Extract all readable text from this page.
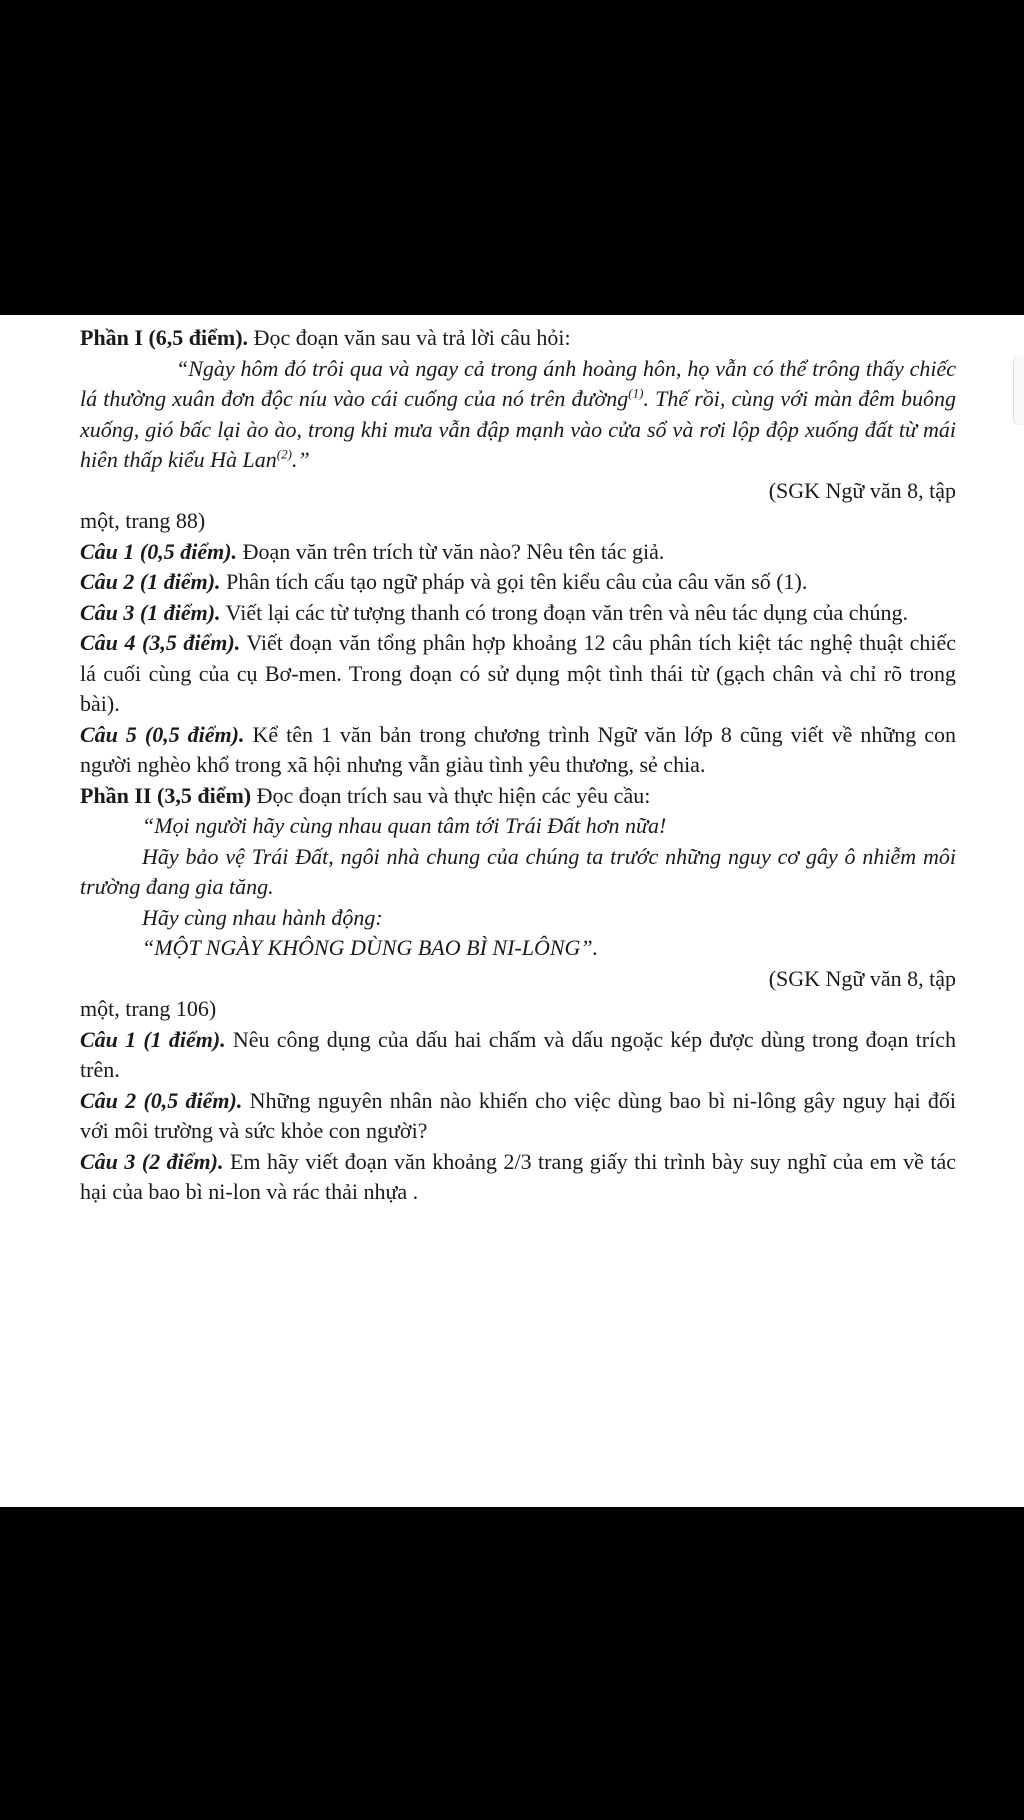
Phần I (6,5 điểm). Đọc đoạn văn sau và trả lời câu hỏi:

“Ngày hôm đó trôi qua và ngay cả trong ánh hoàng hôn, họ vẫn có thể trông thấy chiếc lá thường xuân đơn độc níu vào cái cuống của nó trên đường$^{(1)}$. Thế rồi, cùng với màn đêm buông xuống, gió bấc lại ào ào, trong khi mưa vẫn đập mạnh vào cửa sổ và rơi lộp độp xuống đất từ mái hiên thấp kiểu Hà Lan$^{(2)}$.”

(SGK Ngữ văn 8, tập

một, trang 88)

Câu 1 (0,5 điểm). Đoạn văn trên trích từ văn nào? Nêu tên tác giả.

Câu 2 (1 điểm). Phân tích cấu tạo ngữ pháp và gọi tên kiểu câu của câu văn số (1).

Câu 3 (1 điểm). Viết lại các từ tượng thanh có trong đoạn văn trên và nêu tác dụng của chúng.

Câu 4 (3,5 điểm). Viết đoạn văn tổng phân hợp khoảng 12 câu phân tích kiệt tác nghệ thuật chiếc lá cuối cùng của cụ Bơ-men. Trong đoạn có sử dụng một tình thái từ (gạch chân và chỉ rõ trong bài).

Câu 5 (0,5 điểm). Kể tên 1 văn bản trong chương trình Ngữ văn lớp 8 cũng viết về những con người nghèo khổ trong xã hội nhưng vẫn giàu tình yêu thương, sẻ chia.

Phần II (3,5 điểm) Đọc đoạn trích sau và thực hiện các yêu cầu:

“Mọi người hãy cùng nhau quan tâm tới Trái Đất hơn nữa!

Hãy bảo vệ Trái Đất, ngôi nhà chung của chúng ta trước những nguy cơ gây ô nhiễm môi trường đang gia tăng.

Hãy cùng nhau hành động:

“MỘT NGÀY KHÔNG DÙNG BAO BÌ NI-LÔNG”.

(SGK Ngữ văn 8, tập

một, trang 106)

Câu 1 (1 điểm). Nêu công dụng của dấu hai chấm và dấu ngoặc kép được dùng trong đoạn trích trên.

Câu 2 (0,5 điểm). Những nguyên nhân nào khiến cho việc dùng bao bì ni-lông gây nguy hại đối với môi trường và sức khỏe con người?

Câu 3 (2 điểm). Em hãy viết đoạn văn khoảng 2/3 trang giấy thi trình bày suy nghĩ của em về tác hại của bao bì ni-lon và rác thải nhựa .
